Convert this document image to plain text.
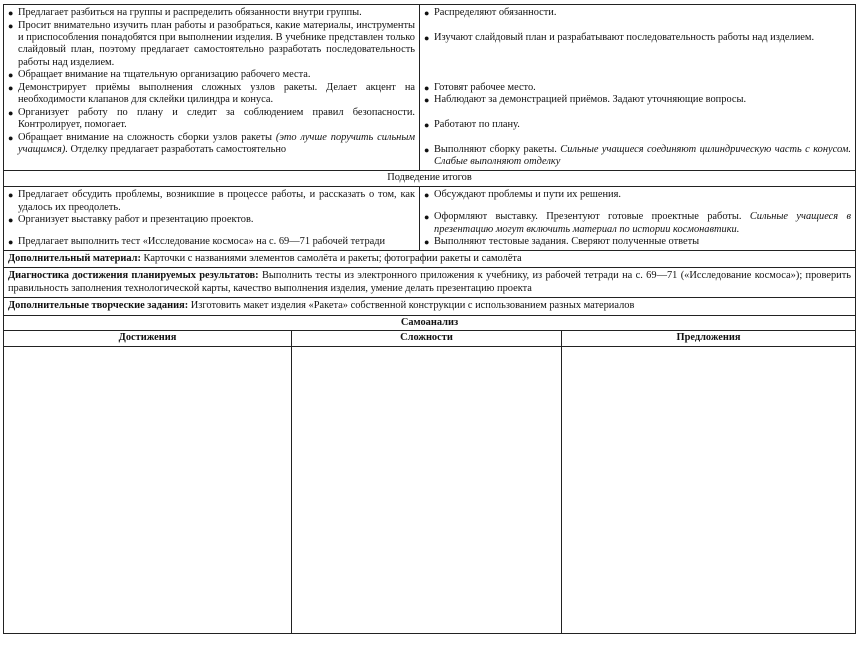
● Предлагает разбиться на группы и распределить обязанности внутри группы.
● Просит внимательно изучить план работы и разобраться, какие материалы, инструменты и приспособления понадобятся при выполнении изделия. В учебнике представлен только слайдовый план, поэтому предлагает самостоятельно разработать последовательность работы над изделием.
● Обращает внимание на тщательную организацию рабочего места.
● Демонстрирует приёмы выполнения сложных узлов ракеты. Делает акцент на необходимости клапанов для склейки цилиндра и конуса.
● Организует работу по плану и следит за соблюдением правил безопасности. Контролирует, помогает.
● Обращает внимание на сложность сборки узлов ракеты (это лучше поручить сильным учащимся). Отделку предлагает разработать самостоятельно
● Распределяют обязанности.
● Изучают слайдовый план и разрабатывают последовательность работы над изделием.
● Готовят рабочее место.
● Наблюдают за демонстрацией приёмов. Задают уточняющие вопросы.
● Работают по плану.
● Выполняют сборку ракеты. Сильные учащиеся соединяют цилиндрическую часть с конусом. Слабые выполняют отделку
Подведение итогов
● Предлагает обсудить проблемы, возникшие в процессе работы, и рассказать о том, как удалось их преодолеть.
● Организует выставку работ и презентацию проектов.
● Предлагает выполнить тест «Исследование космоса» на с. 69—71 рабочей тетради
● Обсуждают проблемы и пути их решения.
● Оформляют выставку. Презентуют готовые проектные работы. Сильные учащиеся в презентацию могут включить материал по истории космонавтики.
● Выполняют тестовые задания. Сверяют полученные ответы
Дополнительный материал: Карточки с названиями элементов самолёта и ракеты; фотографии ракеты и самолёта
Диагностика достижения планируемых результатов: Выполнить тесты из электронного приложения к учебнику, из рабочей тетради на с. 69—71 («Исследование космоса»); проверить правильность заполнения технологической карты, качество выполнения изделия, умение делать презентацию проекта
Дополнительные творческие задания: Изготовить макет изделия «Ракета» собственной конструкции с использованием разных материалов
Самоанализ
Достижения	Сложности	Предложения
